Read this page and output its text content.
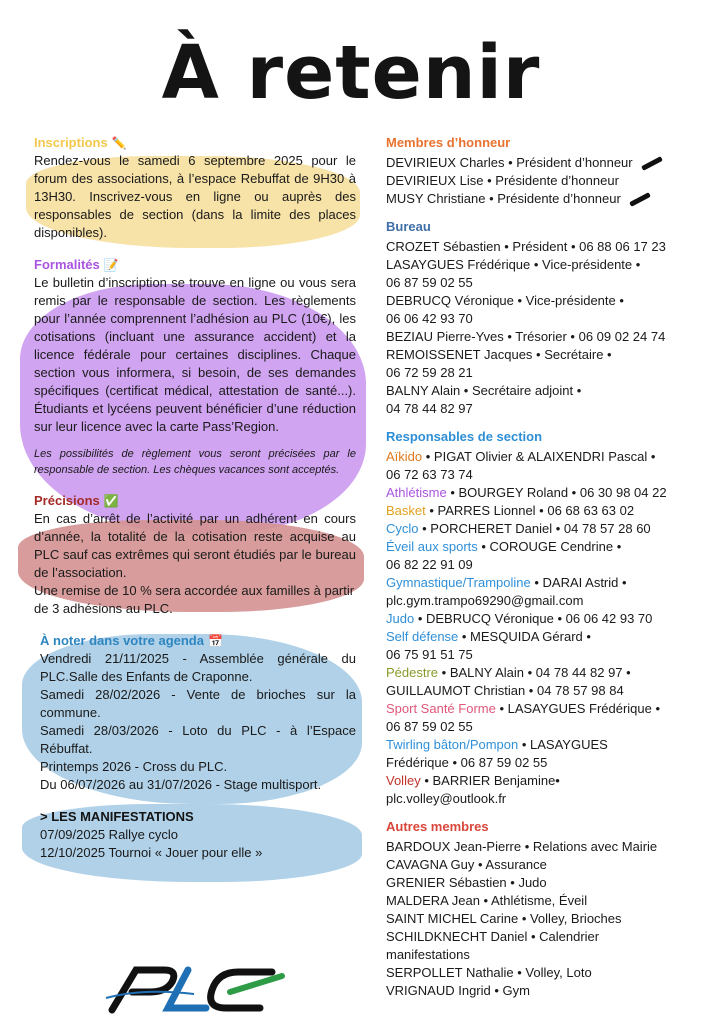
À retenir
Inscriptions ✏️
Rendez-vous le samedi 6 septembre 2025 pour le forum des associations, à l’espace Rebuffat de 9H30 à 13H30. Inscrivez-vous en ligne ou auprès des responsables de section (dans la limite des places disponibles).
Formalités 📝
Le bulletin d’inscription se trouve en ligne ou vous sera remis par le responsable de section. Les règlements pour l’année comprennent l’adhésion au PLC (10€), les cotisations (incluant une assurance accident) et la licence fédérale pour certaines disciplines. Chaque section vous informera, si besoin, de ses demandes spécifiques (certificat médical, attestation de santé...). Étudiants et lycéens peuvent bénéficier d’une réduction sur leur licence avec la carte Pass’Region.
Les possibilités de règlement vous seront précisées par le responsable de section. Les chèques vacances sont acceptés.
Précisions ✅
En cas d’arrêt de l’activité par un adhérent en cours d’année, la totalité de la cotisation reste acquise au PLC sauf cas extrêmes qui seront étudiés par le bureau de l’association.
Une remise de 10 % sera accordée aux familles à partir de 3 adhésions au PLC.
À noter dans votre agenda 📅
Vendredi 21/11/2025 - Assemblée générale du PLC.Salle des Enfants de Craponne.
Samedi 28/02/2026 - Vente de brioches sur la commune.
Samedi 28/03/2026 - Loto du PLC - à l’Espace Rébuffat.
Printemps 2026 - Cross du PLC.
Du 06/07/2026 au 31/07/2026 - Stage multisport.
> LES MANIFESTATIONS
07/09/2025 Rallye cyclo
12/10/2025 Tournoi « Jouer pour elle »
Membres d’honneur
DEVIRIEUX Charles • Président d’honneur
DEVIRIEUX Lise • Présidente d’honneur
MUSY Christiane • Présidente d’honneur
Bureau
CROZET Sébastien • Président • 06 88 06 17 23
LASAYGUES Frédérique • Vice-présidente •
06 87 59 02 55
DEBRUCQ Véronique • Vice-présidente •
06 06 42 93 70
BEZIAU Pierre-Yves • Trésorier • 06 09 02 24 74
REMOISSENET Jacques • Secrétaire •
06 72 59 28 21
BALNY Alain • Secrétaire adjoint •
04 78 44 82 97
Responsables de section
Aïkido • PIGAT Olivier & ALAIXENDRI Pascal •
06 72 63 73 74
Athlétisme • BOURGEY Roland • 06 30 98 04 22
Basket • PARRES Lionnel • 06 68 63 63 02
Cyclo • PORCHERET Daniel • 04 78 57 28 60
Éveil aux sports • COROUGE Cendrine •
06 82 22 91 09
Gymnastique/Trampoline • DARAI Astrid •
plc.gym.trampo69290@gmail.com
Judo • DEBRUCQ Véronique • 06 06 42 93 70
Self défense • MESQUIDA Gérard •
06 75 91 51 75
Pédestre • BALNY Alain • 04 78 44 82 97 •
GUILLAUMOT Christian • 04 78 57 98 84
Sport Santé Forme • LASAYGUES Frédérique •
06 87 59 02 55
Twirling bâton/Pompon • LASAYGUES
Frédérique • 06 87 59 02 55
Volley • BARRIER Benjamine•
plc.volley@outlook.fr
Autres membres
BARDOUX Jean-Pierre • Relations avec Mairie
CAVAGNA Guy • Assurance
GRENIER Sébastien • Judo
MALDERA Jean • Athlétisme, Éveil
SAINT MICHEL Carine • Volley, Brioches
SCHILDKNECHT Daniel • Calendrier
manifestations
SERPOLLET Nathalie • Volley, Loto
VRIGNAUD Ingrid • Gym
